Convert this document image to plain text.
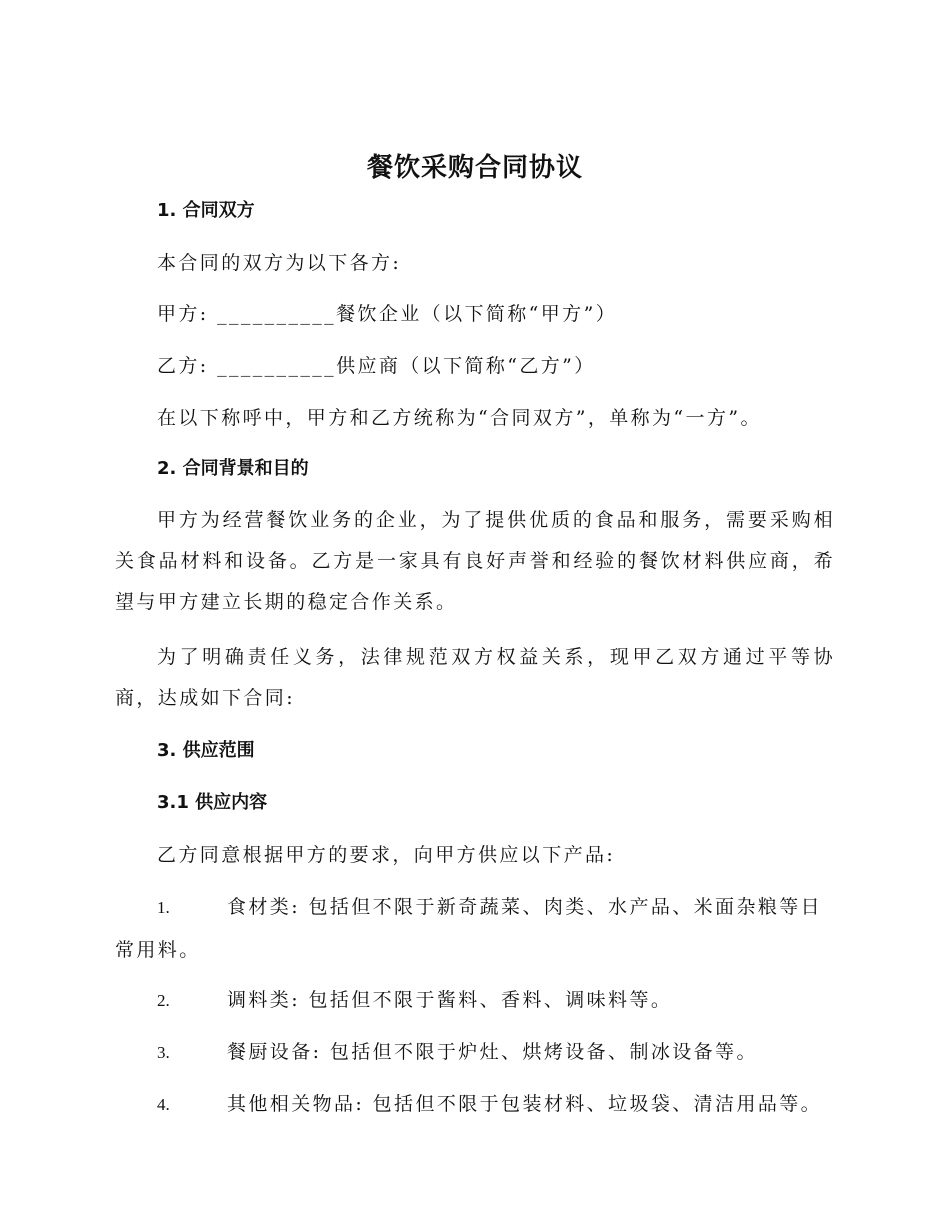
餐饮采购合同协议
1. 合同双方

本合同的双方为以下各方:

甲方: __________餐饮企业（以下简称“甲方”）

乙方: __________供应商（以下简称“乙方”）

在以下称呼中，甲方和乙方统称为“合同双方”，单称为“一方”。

2. 合同背景和目的

甲方为经营餐饮业务的企业，为了提供优质的食品和服务，需要采购相关食品材料和设备。乙方是一家具有良好声誉和经验的餐饮材料供应商，希望与甲方建立长期的稳定合作关系。

为了明确责任义务，法律规范双方权益关系，现甲乙双方通过平等协商，达成如下合同:

3. 供应范围
3.1 供应内容

乙方同意根据甲方的要求，向甲方供应以下产品:

1.	食材类: 包括但不限于新奇蔬菜、肉类、水产品、米面杂粮等日常用料。

2.	调料类: 包括但不限于酱料、香料、调味料等。

3.	餐厨设备: 包括但不限于炉灶、烘烤设备、制冰设备等。

4.	其他相关物品: 包括但不限于包装材料、垃圾袋、清洁用品等。
